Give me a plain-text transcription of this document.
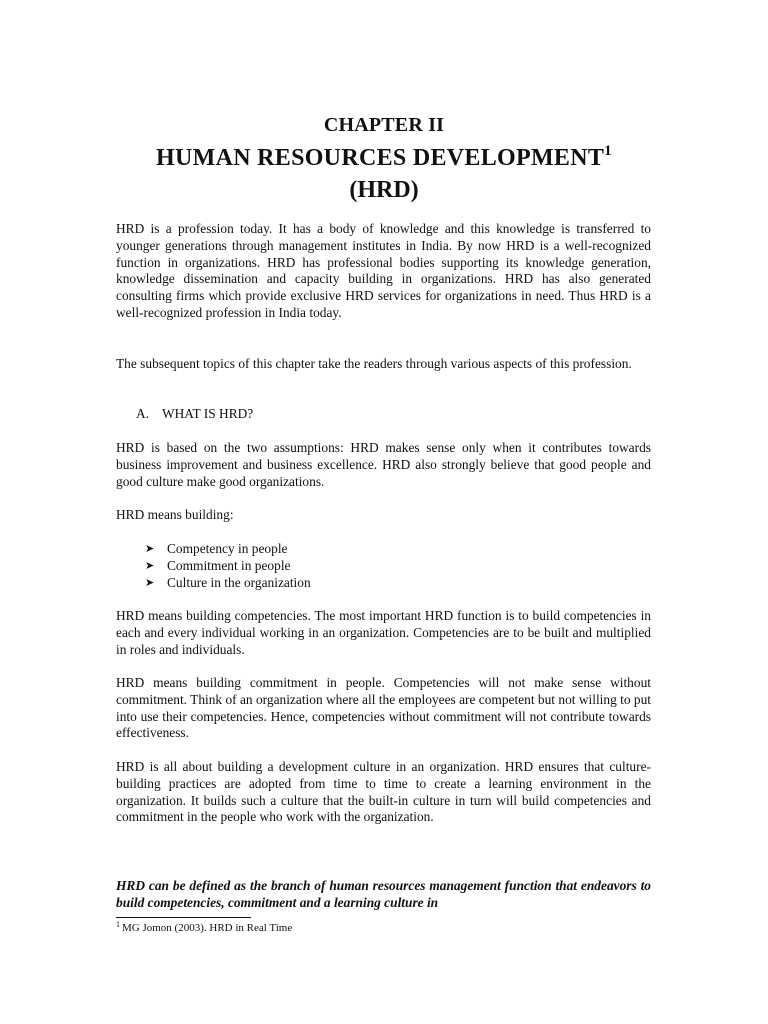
CHAPTER II
HUMAN RESOURCES DEVELOPMENT$^1$
(HRD)

HRD is a profession today. It has a body of knowledge and this knowledge is transferred to younger generations through management institutes in India. By now HRD is a well-recognized function in organizations. HRD has professional bodies supporting its knowledge generation, knowledge dissemination and capacity building in organizations. HRD has also generated consulting firms which provide exclusive HRD services for organizations in need. Thus HRD is a well-recognized profession in India today.

The subsequent topics of this chapter take the readers through various aspects of this profession.

A. WHAT IS HRD?

HRD is based on the two assumptions: HRD makes sense only when it contributes towards business improvement and business excellence. HRD also strongly believe that good people and good culture make good organizations.

HRD means building:

➤ Competency in people
➤ Commitment in people
➤ Culture in the organization

HRD means building competencies. The most important HRD function is to build competencies in each and every individual working in an organization. Competencies are to be built and multiplied in roles and individuals.

HRD means building commitment in people. Competencies will not make sense without commitment. Think of an organization where all the employees are competent but not willing to put into use their competencies. Hence, competencies without commitment will not contribute towards effectiveness.

HRD is all about building a development culture in an organization. HRD ensures that culture-building practices are adopted from time to time to create a learning environment in the organization. It builds such a culture that the built-in culture in turn will build competencies and commitment in the people who work with the organization.

HRD can be defined as the branch of human resources management function that endeavors to build competencies, commitment and a learning culture in

$^1$ MG Jomon (2003). HRD in Real Time
